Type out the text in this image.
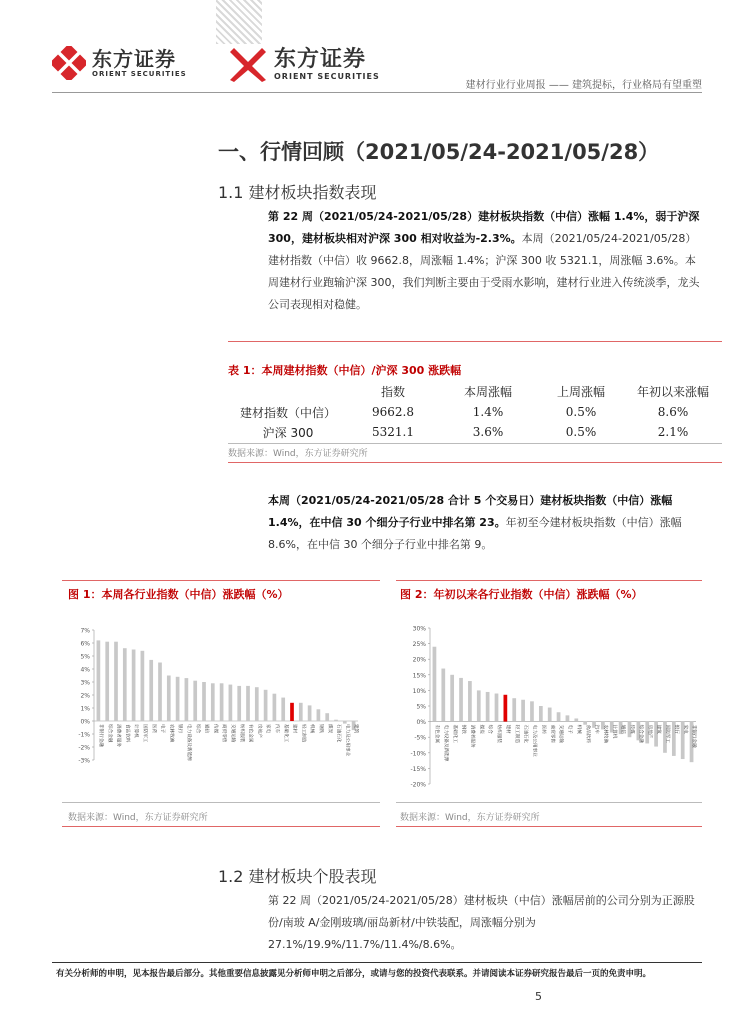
东方证券
ORIENT SECURITIES
东方证券
ORIENT SECURITIES
建材行业行业周报 —— 建筑提标，行业格局有望重塑
一、行情回顾（2021/05/24-2021/05/28）
1.1 建材板块指数表现
第 22 周（2021/05/24-2021/05/28）建材板块指数（中信）涨幅 1.4%，弱于沪深 300，建材板块相对沪深 300 相对收益为-2.3%。本周（2021/05/24-2021/05/28）建材指数（中信）收 9662.8，周涨幅 1.4%；沪深 300 收 5321.1，周涨幅 3.6%。本周建材行业跑输沪深 300，我们判断主要由于受雨水影响，建材行业进入传统淡季，龙头公司表现相对稳健。
表 1：本周建材指数（中信）/沪深 300 涨跌幅
	指数	本周涨幅	上周涨幅	年初以来涨幅
建材指数（中信）	9662.8	1.4%	0.5%	8.6%
沪深 300	5321.1	3.6%	0.5%	2.1%
数据来源：Wind，东方证券研究所
本周（2021/05/24-2021/05/28 合计 5 个交易日）建材板块指数（中信）涨幅 1.4%，在中信 30 个细分子行业中排名第 23。年初至今建材板块指数（中信）涨幅 8.6%，在中信 30 个细分子行业中排名第 9。
图 1：本周各行业指数（中信）涨跌幅（%）	图 2：年初以来各行业指数（中信）涨跌幅（%）
7%
6%
5%
4%
3%
2%
1%
0%
-1%
-2%
-3%
非银行金融 综合金融 消费者服务 食品饮料 计算机 国防军工 医药 电子 农林牧渔 银行 电力设备及新能源 综合 通信 传媒 商贸零售 交通运输 纺织服装 有色金属 房地产 家电 汽车 基础化工 建材 轻工制造 机械 钢铁 煤炭 石油石化 电力及公用事业 建筑
30%
25%
20%
15%
10%
5%
0%
-5%
-10%
-15%
-20%
有色金属 电力设备及新能源 基础化工 钢铁 消费者服务 煤炭 综合 纺织服装 建材 轻工制造 石油石化 电力及公用事业 医药 商贸零售 交通运输 电子 机械 食品饮料 汽车 农林牧渔 计算机 通信 传媒 综合金融 房地产 建筑 国防军工 银行 家电 非银行金融
数据来源：Wind，东方证券研究所	数据来源：Wind，东方证券研究所
1.2 建材板块个股表现
第 22 周（2021/05/24-2021/05/28）建材板块（中信）涨幅居前的公司分别为正源股份/南玻 A/金刚玻璃/丽岛新材/中铁装配，周涨幅分别为 27.1%/19.9%/11.7%/11.4%/8.6%。
有关分析师的申明，见本报告最后部分。其他重要信息披露见分析师申明之后部分，或请与您的投资代表联系。并请阅读本证券研究报告最后一页的免责申明。
5
